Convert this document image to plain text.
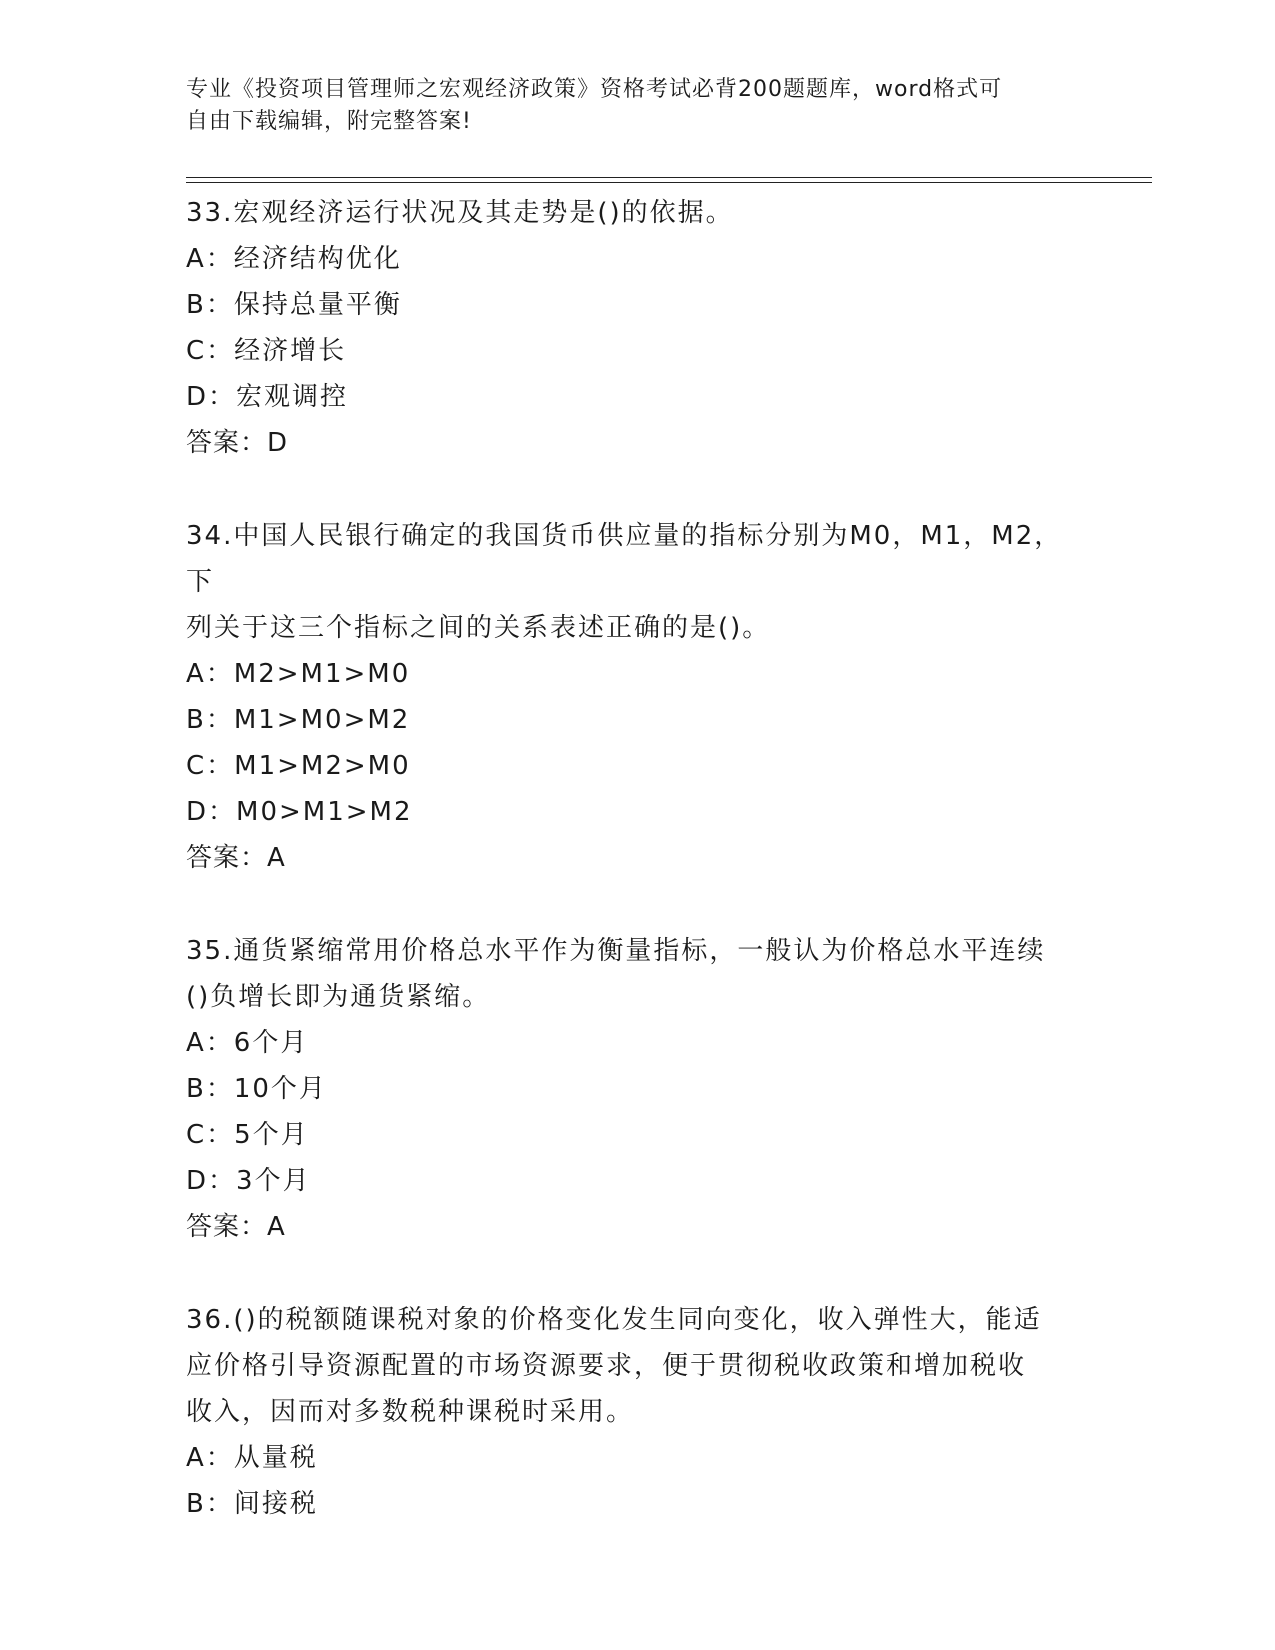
专业《投资项目管理师之宏观经济政策》资格考试必背200题题库，word格式可
自由下载编辑，附完整答案!

33.宏观经济运行状况及其走势是()的依据。

A：经济结构优化

B：保持总量平衡

C：经济增长

D：宏观调控

答案：D

34.中国人民银行确定的我国货币供应量的指标分别为M0，M1，M2，下

列关于这三个指标之间的关系表述正确的是()。

A：M2>M1>M0

B：M1>M0>M2

C：M1>M2>M0

D：M0>M1>M2

答案：A

35.通货紧缩常用价格总水平作为衡量指标，一般认为价格总水平连续

()负增长即为通货紧缩。

A：6个月

B：10个月

C：5个月

D：3个月

答案：A

36.()的税额随课税对象的价格变化发生同向变化，收入弹性大，能适

应价格引导资源配置的市场资源要求，便于贯彻税收政策和增加税收

收入，因而对多数税种课税时采用。

A：从量税

B：间接税
